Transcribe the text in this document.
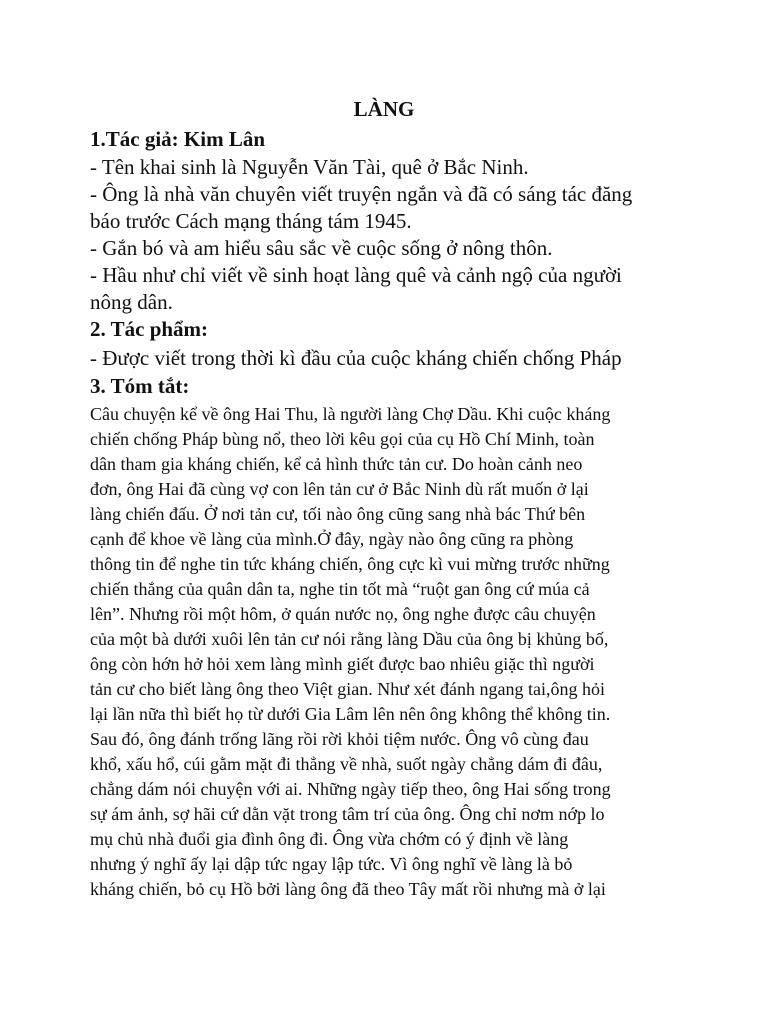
LÀNG
1.Tác giả: Kim Lân
- Tên khai sinh là Nguyễn Văn Tài, quê ở Bắc Ninh.
- Ông là nhà văn chuyên viết truyện ngắn và đã có sáng tác đăng
báo trước Cách mạng tháng tám 1945.
- Gắn bó và am hiểu sâu sắc về cuộc sống ở nông thôn.
- Hầu như chỉ viết về sinh hoạt làng quê và cảnh ngộ của người
nông dân.
2. Tác phẩm:
- Được viết trong thời kì đầu của cuộc kháng chiến chống Pháp
3. Tóm tắt:
Câu chuyện kể về ông Hai Thu, là người làng Chợ Dầu. Khi cuộc kháng
chiến chống Pháp bùng nổ, theo lời kêu gọi của cụ Hồ Chí Minh, toàn
dân tham gia kháng chiến, kể cả hình thức tản cư. Do hoàn cảnh neo
đơn, ông Hai đã cùng vợ con lên tản cư ở Bắc Ninh dù rất muốn ở lại
làng chiến đấu. Ở nơi tản cư, tối nào ông cũng sang nhà bác Thứ bên
cạnh để khoe về làng của mình.Ở đây, ngày nào ông cũng ra phòng
thông tin để nghe tin tức kháng chiến, ông cực kì vui mừng trước những
chiến thắng của quân dân ta, nghe tin tốt mà “ruột gan ông cứ múa cả
lên”. Nhưng rồi một hôm, ở quán nước nọ, ông nghe được câu chuyện
của một bà dưới xuôi lên tản cư nói rằng làng Dầu của ông bị khủng bố,
ông còn hớn hở hỏi xem làng mình giết được bao nhiêu giặc thì người
tản cư cho biết làng ông theo Việt gian. Như xét đánh ngang tai,ông hỏi
lại lần nữa thì biết họ từ dưới Gia Lâm lên nên ông không thể không tin.
Sau đó, ông đánh trống lãng rồi rời khỏi tiệm nước. Ông vô cùng đau
khổ, xấu hổ, cúi gằm mặt đi thẳng về nhà, suốt ngày chẳng dám đi đâu,
chẳng dám nói chuyện với ai. Những ngày tiếp theo, ông Hai sống trong
sự ám ảnh, sợ hãi cứ dằn vặt trong tâm trí của ông. Ông chỉ nơm nớp lo
mụ chủ nhà đuổi gia đình ông đi. Ông vừa chớm có ý định về làng
nhưng ý nghĩ ấy lại dập tức ngay lập tức. Vì ông nghĩ về làng là bỏ
kháng chiến, bỏ cụ Hồ bởi làng ông đã theo Tây mất rồi nhưng mà ở lại
